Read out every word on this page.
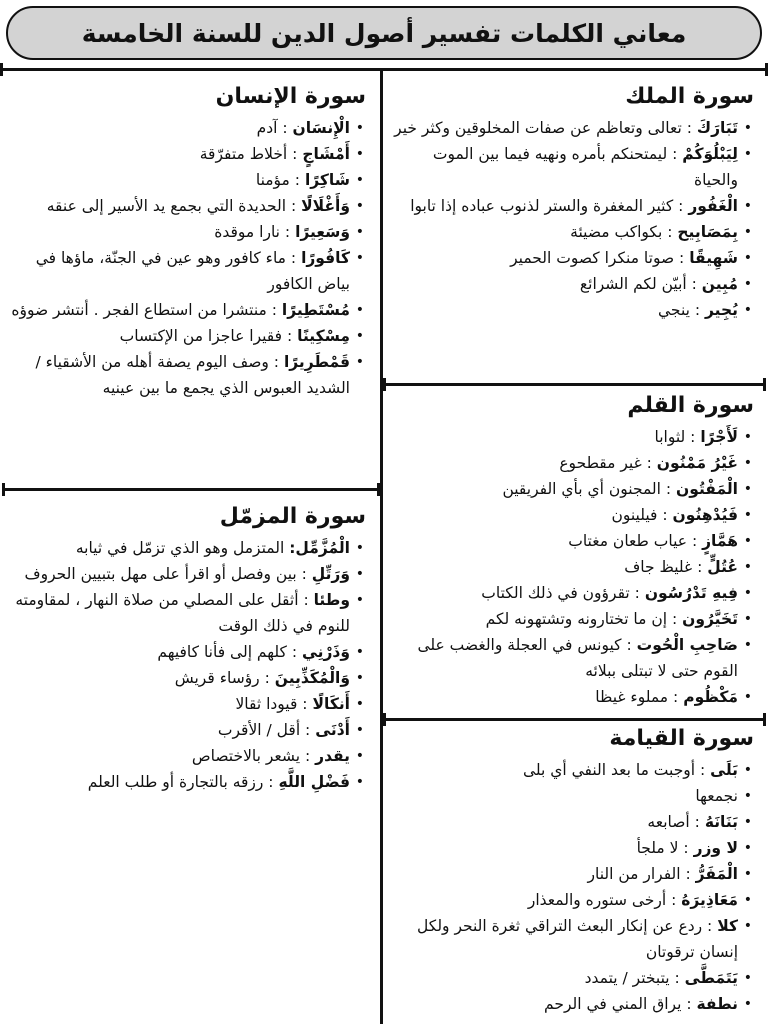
معاني الكلمات تفسير أصول الدين للسنة الخامسة
سورة الملك
• تَبَارَكَ : تعالى وتعاظم عن صفات المخلوقين وكثر خير
• لِيَبْلُوَكُمْ : ليمتحنكم بأمره ونهيه فيما بين الموت والحياة
• الْغَفُور : كثير المغفرة والستر لذنوب عباده إذا تابوا
• بِمَصَابِيح : بكواكب مضيئة
• شَهِيقًا : صوتا منكرا كصوت الحمير
• مُبِين : أبيّن لكم الشرائع
• يُجِير : ينجي
سورة القلم
• لَأَجْرًا : لثوابا
• غَيْرُ مَمْنُون : غير مقطحوع
• الْمَفْتُون : المجنون أي بأي الفريقين
• فَيُدْهِنُون : فيلينون
• هَمَّازٍ : عياب طعان مغتاب
• عُتُلٍّ : غليظ جاف
• فِيهِ تَدْرُسُون : تقرؤون في ذلك الكتاب
• تَخَيَّرُون : إن ما تختارونه وتشتهونه لكم
• صَاحِبِ الْحُوت : كيونس في العجلة والغضب على القوم حتى لا تبتلى ببلائه
• مَكْظُوم : مملوء غيظا
سورة القيامة
• بَلَى : أوجبت ما بعد النفي أي بلى
• نجمعها
• بَنَانَهُ : أصابعه
• لا وزر : لا ملجأ
• الْمَفَرُّ : الفرار من النار
• مَعَاذِيرَهُ : أرخى ستوره والمعذار
• كلا : ردع عن إنكار البعث التراقي ثغرة النحر ولكل إنسان ترقوتان
• يَتَمَطَّى : يتبختر / يتمدد
• نطفة : يراق المني في الرحم
سورة الإنسان
• الْإِنسَان : آدم
• أَمْشَاجٍ : أخلاط متفرّقة
• شَاكِرًا : مؤمنا
• وَأَغْلَالًا : الحديدة التي بجمع يد الأسير إلى عنقه
• وَسَعِيرًا : نارا موقدة
• كَافُورًا : ماء كافور وهو عين في الجنّة، ماؤها في بياض الكافور
• مُسْتَطِيرًا : منتشرا من استطاع الفجر . أنتشر ضوؤه
• مِسْكِينًا : فقيرا عاجزا من الإكتساب
• قَمْطَرِيرًا : وصف اليوم يصفة أهله من الأشقياء / الشديد العبوس الذي يجمع ما بين عينيه
سورة المزمّل
• الْمُزَّمِّل: المتزمل وهو الذي تزمّل في ثيابه
• وَرَتِّلِ : بين وفصل أو اقرأ على مهل بتبيين الحروف
• وطئا : أثقل على المصلي من صلاة النهار ، لمقاومته للنوم في ذلك الوقت
• وَذَرْنِي : كلهم إلى فأنا كافيهم
• وَالْمُكَذِّبِينَ : رؤساء قريش
• أَنكَالًا : قيودا ثقالا
• أَدْنَى : أقل / الأقرب
• يقدر : يشعر بالاختصاص
• فَضْلِ اللَّهِ : رزقه بالتجارة أو طلب العلم
